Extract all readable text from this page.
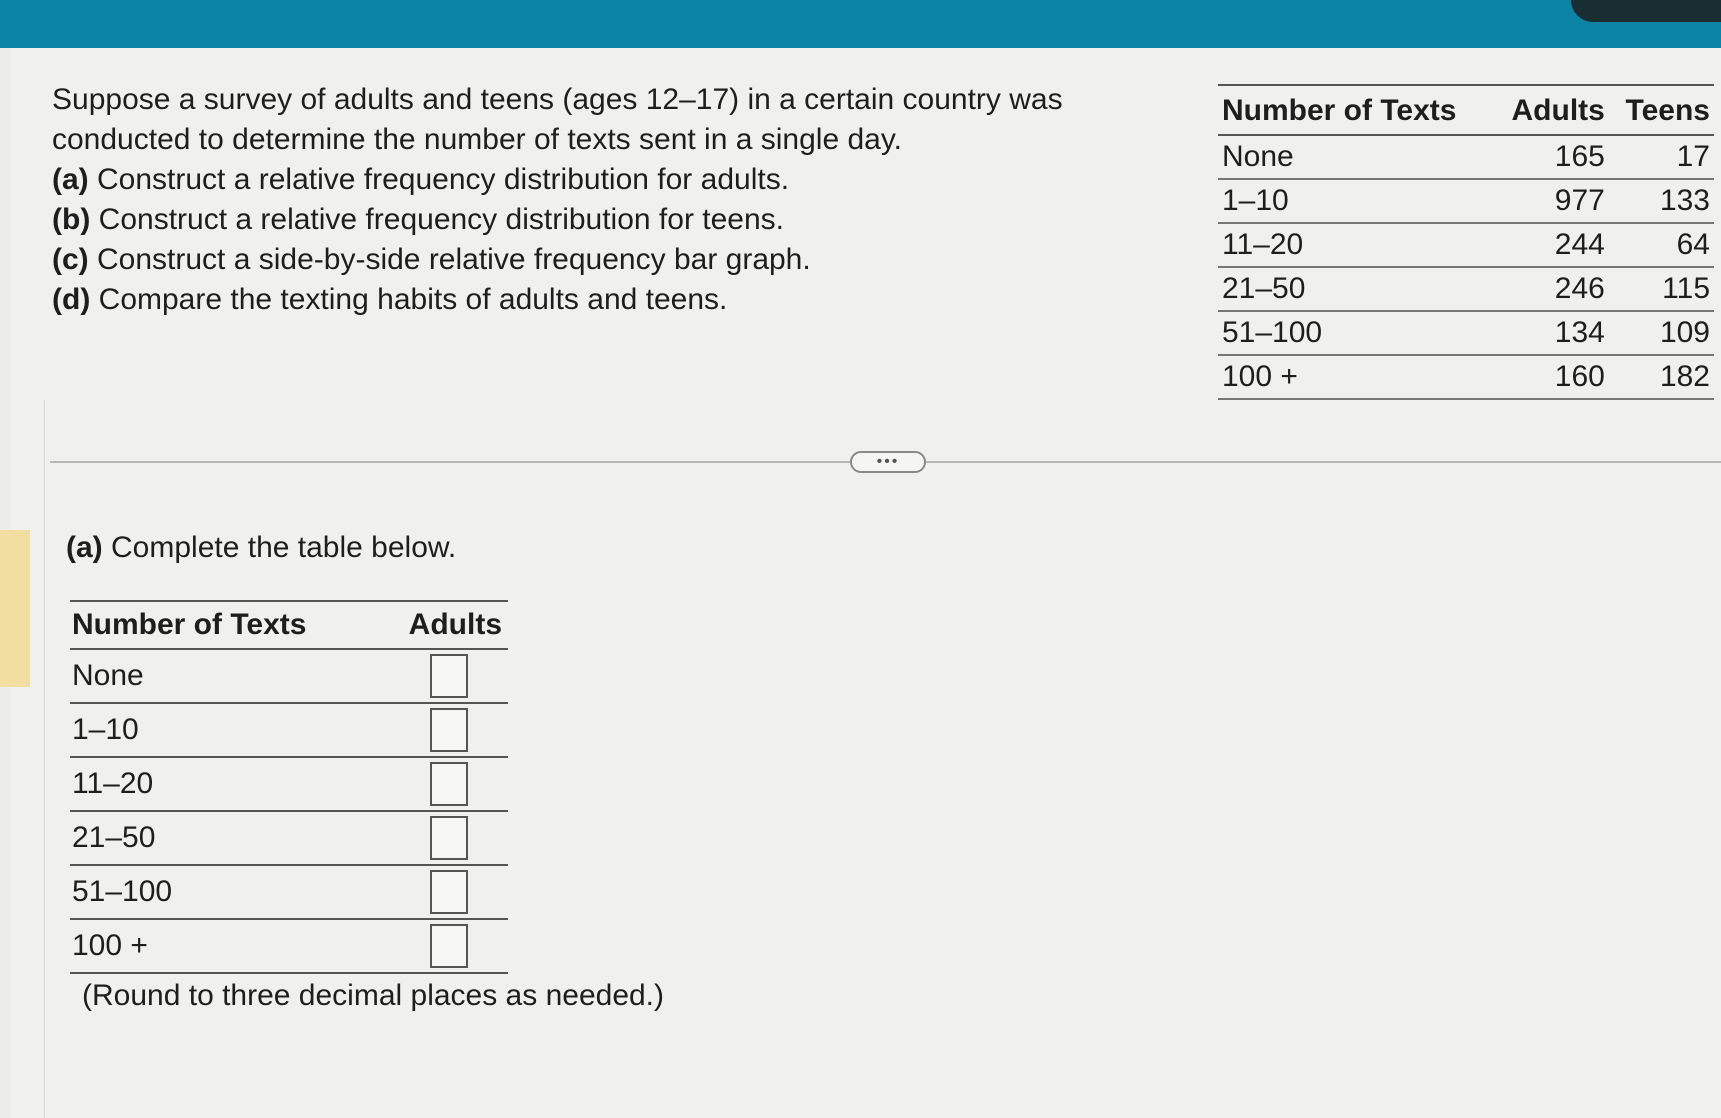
Suppose a survey of adults and teens (ages 12–17) in a certain country was conducted to determine the number of texts sent in a single day.

(a) Construct a relative frequency distribution for adults.

(b) Construct a relative frequency distribution for teens.

(c) Construct a side-by-side relative frequency bar graph.

(d) Compare the texting habits of adults and teens.

Number of Texts	Adults	Teens
None	165	17
1–10	977	133
11–20	244	64
21–50	246	115
51–100	134	109
100 +	160	182
•••
(a) Complete the table below.
Number of Texts	Adults
None	
1–10	
11–20	
21–50	
51–100	
100 +	
(Round to three decimal places as needed.)
